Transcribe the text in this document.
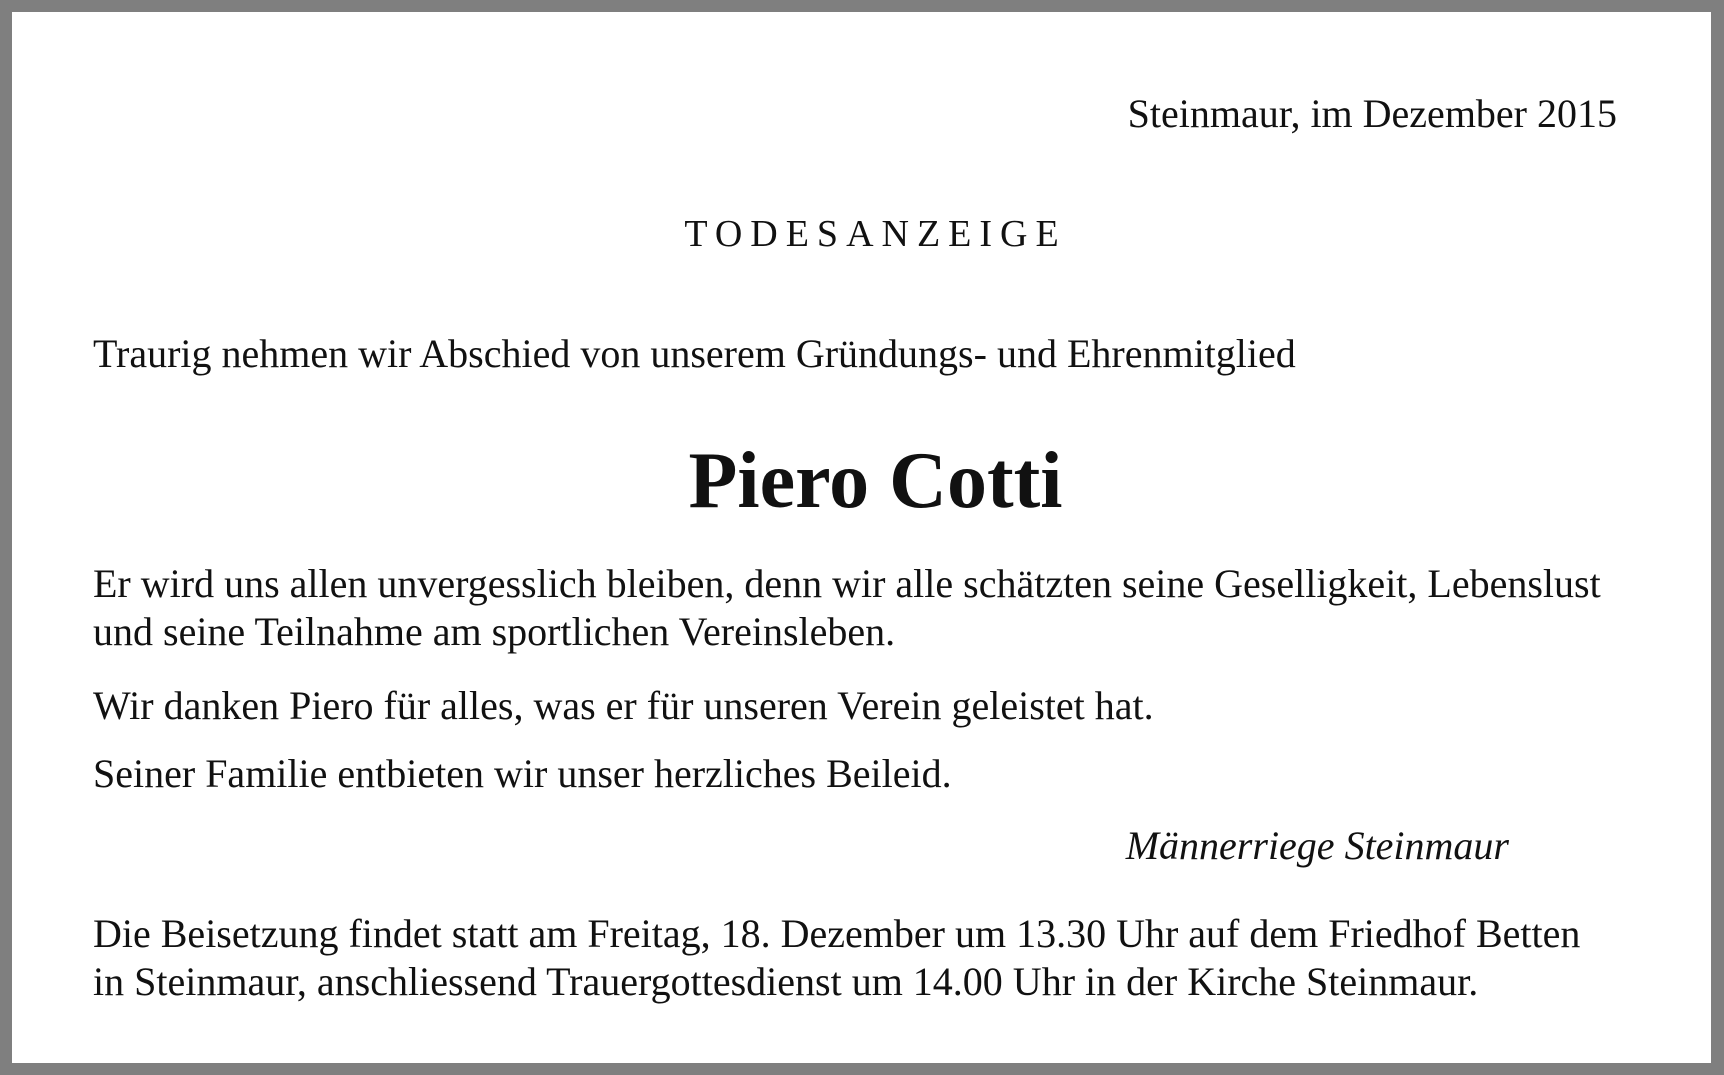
Steinmaur, im Dezember 2015

TODESANZEIGE

Traurig nehmen wir Abschied von unserem Gründungs- und Ehrenmitglied

Piero Cotti

Er wird uns allen unvergesslich bleiben, denn wir alle schätzten seine Geselligkeit, Lebenslust
und seine Teilnahme am sportlichen Vereinsleben.

Wir danken Piero für alles, was er für unseren Verein geleistet hat.

Seiner Familie entbieten wir unser herzliches Beileid.

Männerriege Steinmaur

Die Beisetzung findet statt am Freitag, 18. Dezember um 13.30 Uhr auf dem Friedhof Betten
in Steinmaur, anschliessend Trauergottesdienst um 14.00 Uhr in der Kirche Steinmaur.
